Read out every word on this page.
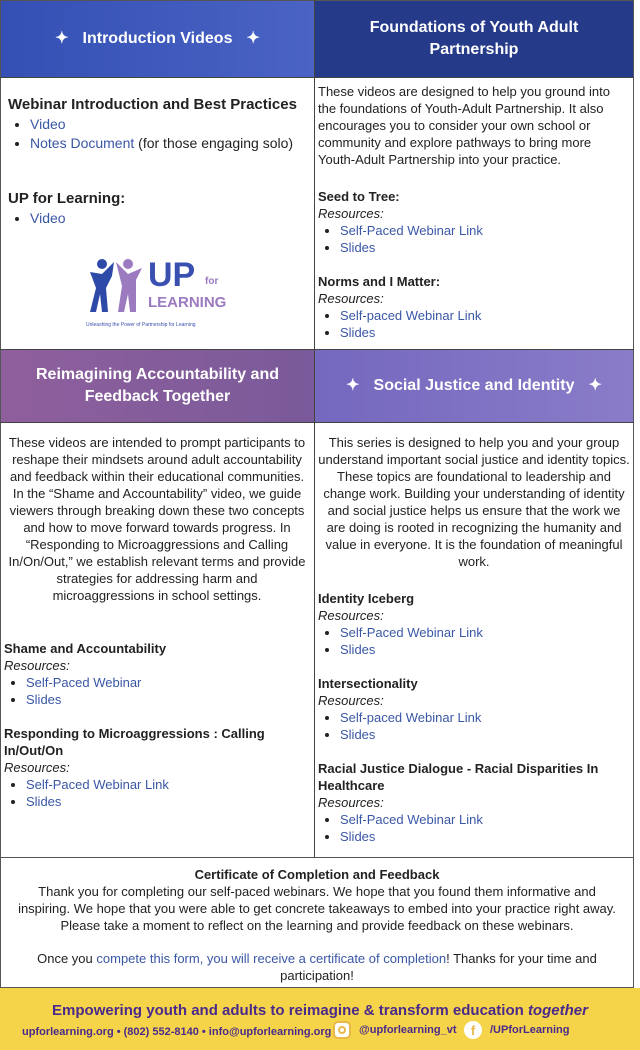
✦ Introduction Videos ✦
Foundations of Youth Adult Partnership
Reimagining Accountability and Feedback Together
✦ Social Justice and Identity ✦
Webinar Introduction and Best Practices
• Video
• Notes Document (for those engaging solo)
UP for Learning:
• Video
UP for
LEARNING
Unleashing the Power of Partnership for Learning
These videos are designed to help you ground into the foundations of Youth-Adult Partnership. It also encourages you to consider your own school or community and explore pathways to bring more Youth-Adult Partnership into your practice.
Seed to Tree:
Resources:
• Self-Paced Webinar Link
• Slides
Norms and I Matter:
Resources:
• Self-paced Webinar Link
• Slides
These videos are intended to prompt participants to reshape their mindsets around adult accountability and feedback within their educational communities. In the “Shame and Accountability” video, we guide viewers through breaking down these two concepts and how to move forward towards progress. In “Responding to Microaggressions and Calling In/On/Out,” we establish relevant terms and provide strategies for addressing harm and microaggressions in school settings.
Shame and Accountability
Resources:
• Self-Paced Webinar
• Slides
Responding to Microaggressions : Calling In/Out/On
Resources:
• Self-Paced Webinar Link
• Slides
This series is designed to help you and your group understand important social justice and identity topics. These topics are foundational to leadership and change work. Building your understanding of identity and social justice helps us ensure that the work we are doing is rooted in recognizing the humanity and value in everyone. It is the foundation of meaningful work.
Identity Iceberg
Resources:
• Self-Paced Webinar Link
• Slides
Intersectionality
Resources:
• Self-paced Webinar Link
• Slides
Racial Justice Dialogue - Racial Disparities In Healthcare
Resources:
• Self-Paced Webinar Link
• Slides
Certificate of Completion and Feedback
Thank you for completing our self-paced webinars. We hope that you found them informative and inspiring. We hope that you were able to get concrete takeaways to embed into your practice right away. Please take a moment to reflect on the learning and provide feedback on these webinars.
Once you compete this form, you will receive a certificate of completion! Thanks for your time and participation!
Empowering youth and adults to reimagine & transform education together
upforlearning.org • (802) 552-8140 • info@upforlearning.org	@upforlearning_vt	f	/UPforLearning
